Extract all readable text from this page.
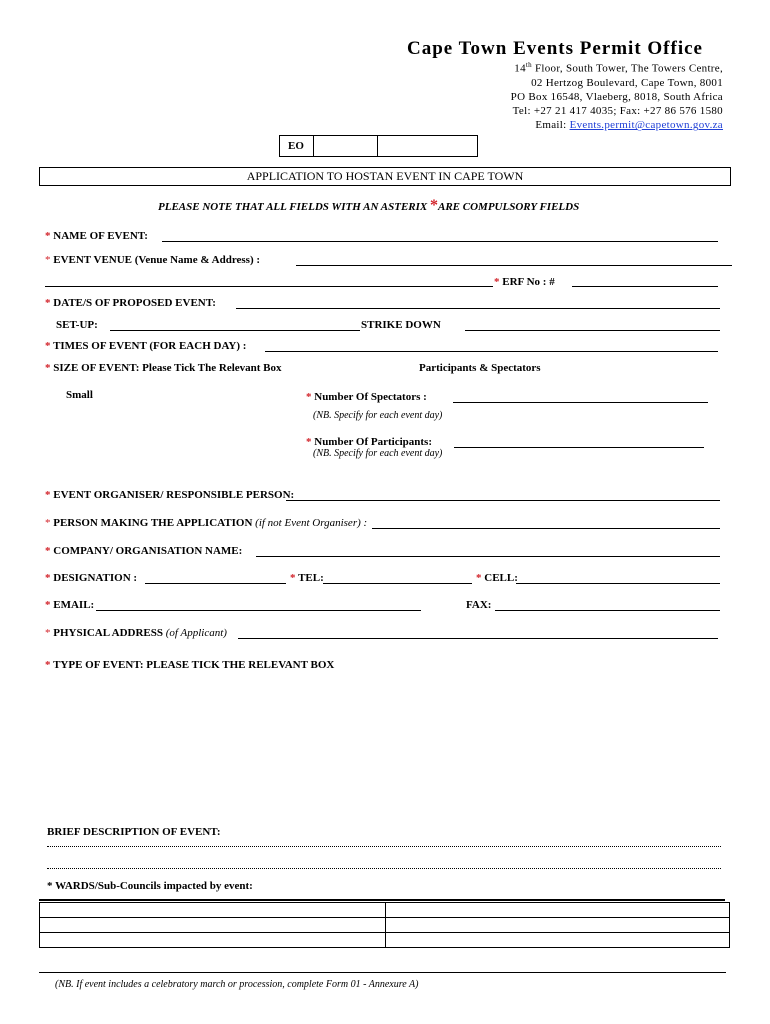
Cape Town Events Permit Office
14th Floor, South Tower, The Towers Centre,
02 Hertzog Boulevard, Cape Town, 8001
PO Box 16548, Vlaeberg, 8018, South Africa
Tel: +27 21 417 4035; Fax: +27 86 576 1580
Email: Events.permit@capetown.gov.za
EO
APPLICATION TO HOSTAN EVENT IN CAPE TOWN
PLEASE NOTE THAT ALL FIELDS WITH AN ASTERIX *ARE COMPULSORY FIELDS
* NAME OF EVENT:
* EVENT VENUE (Venue Name & Address) :
* ERF No : #
* DATE/S OF PROPOSED EVENT:
SET-UP:	STRIKE DOWN
* TIMES OF EVENT (FOR EACH DAY) :
* SIZE OF EVENT: Please Tick The Relevant Box	Participants & Spectators
Small	* Number Of Spectators :
(NB. Specify for each event day)
* Number Of Participants:
(NB. Specify for each event day)
* EVENT ORGANISER/ RESPONSIBLE PERSON:
* PERSON MAKING THE APPLICATION (if not Event Organiser) :
* COMPANY/ ORGANISATION NAME:
* DESIGNATION :	* TEL:	* CELL:
* EMAIL:	FAX:
* PHYSICAL ADDRESS (of Applicant)
* TYPE OF EVENT: PLEASE TICK THE RELEVANT BOX
BRIEF DESCRIPTION OF EVENT:
* WARDS/Sub-Councils impacted by event:

(NB. If event includes a celebratory march or procession, complete Form 01 - Annexure A)
